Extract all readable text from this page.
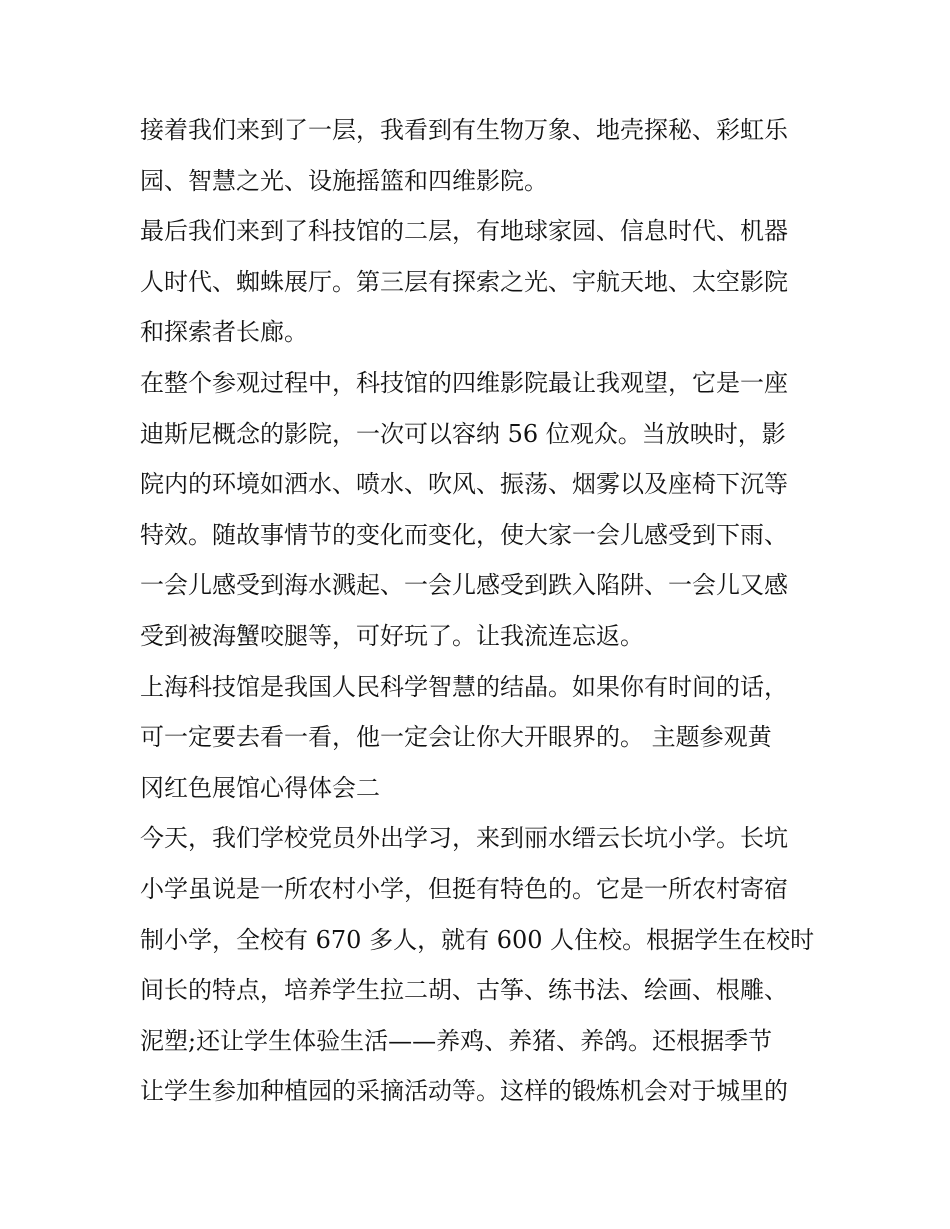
接着我们来到了一层，我看到有生物万象、地壳探秘、彩虹乐
园、智慧之光、设施摇篮和四维影院。
最后我们来到了科技馆的二层，有地球家园、信息时代、机器
人时代、蜘蛛展厅。第三层有探索之光、宇航天地、太空影院
和探索者长廊。
在整个参观过程中，科技馆的四维影院最让我观望，它是一座
迪斯尼概念的影院，一次可以容纳 56 位观众。当放映时，影
院内的环境如洒水、喷水、吹风、振荡、烟雾以及座椅下沉等
特效。随故事情节的变化而变化，使大家一会儿感受到下雨、
一会儿感受到海水溅起、一会儿感受到跌入陷阱、一会儿又感
受到被海蟹咬腿等，可好玩了。让我流连忘返。
上海科技馆是我国人民科学智慧的结晶。如果你有时间的话，
可一定要去看一看，他一定会让你大开眼界的。 主题参观黄
冈红色展馆心得体会二
今天，我们学校党员外出学习，来到丽水缙云长坑小学。长坑
小学虽说是一所农村小学，但挺有特色的。它是一所农村寄宿
制小学，全校有 670 多人，就有 600 人住校。根据学生在校时
间长的特点，培养学生拉二胡、古筝、练书法、绘画、根雕、
泥塑;还让学生体验生活——养鸡、养猪、养鸽。还根据季节
让学生参加种植园的采摘活动等。这样的锻炼机会对于城里的
